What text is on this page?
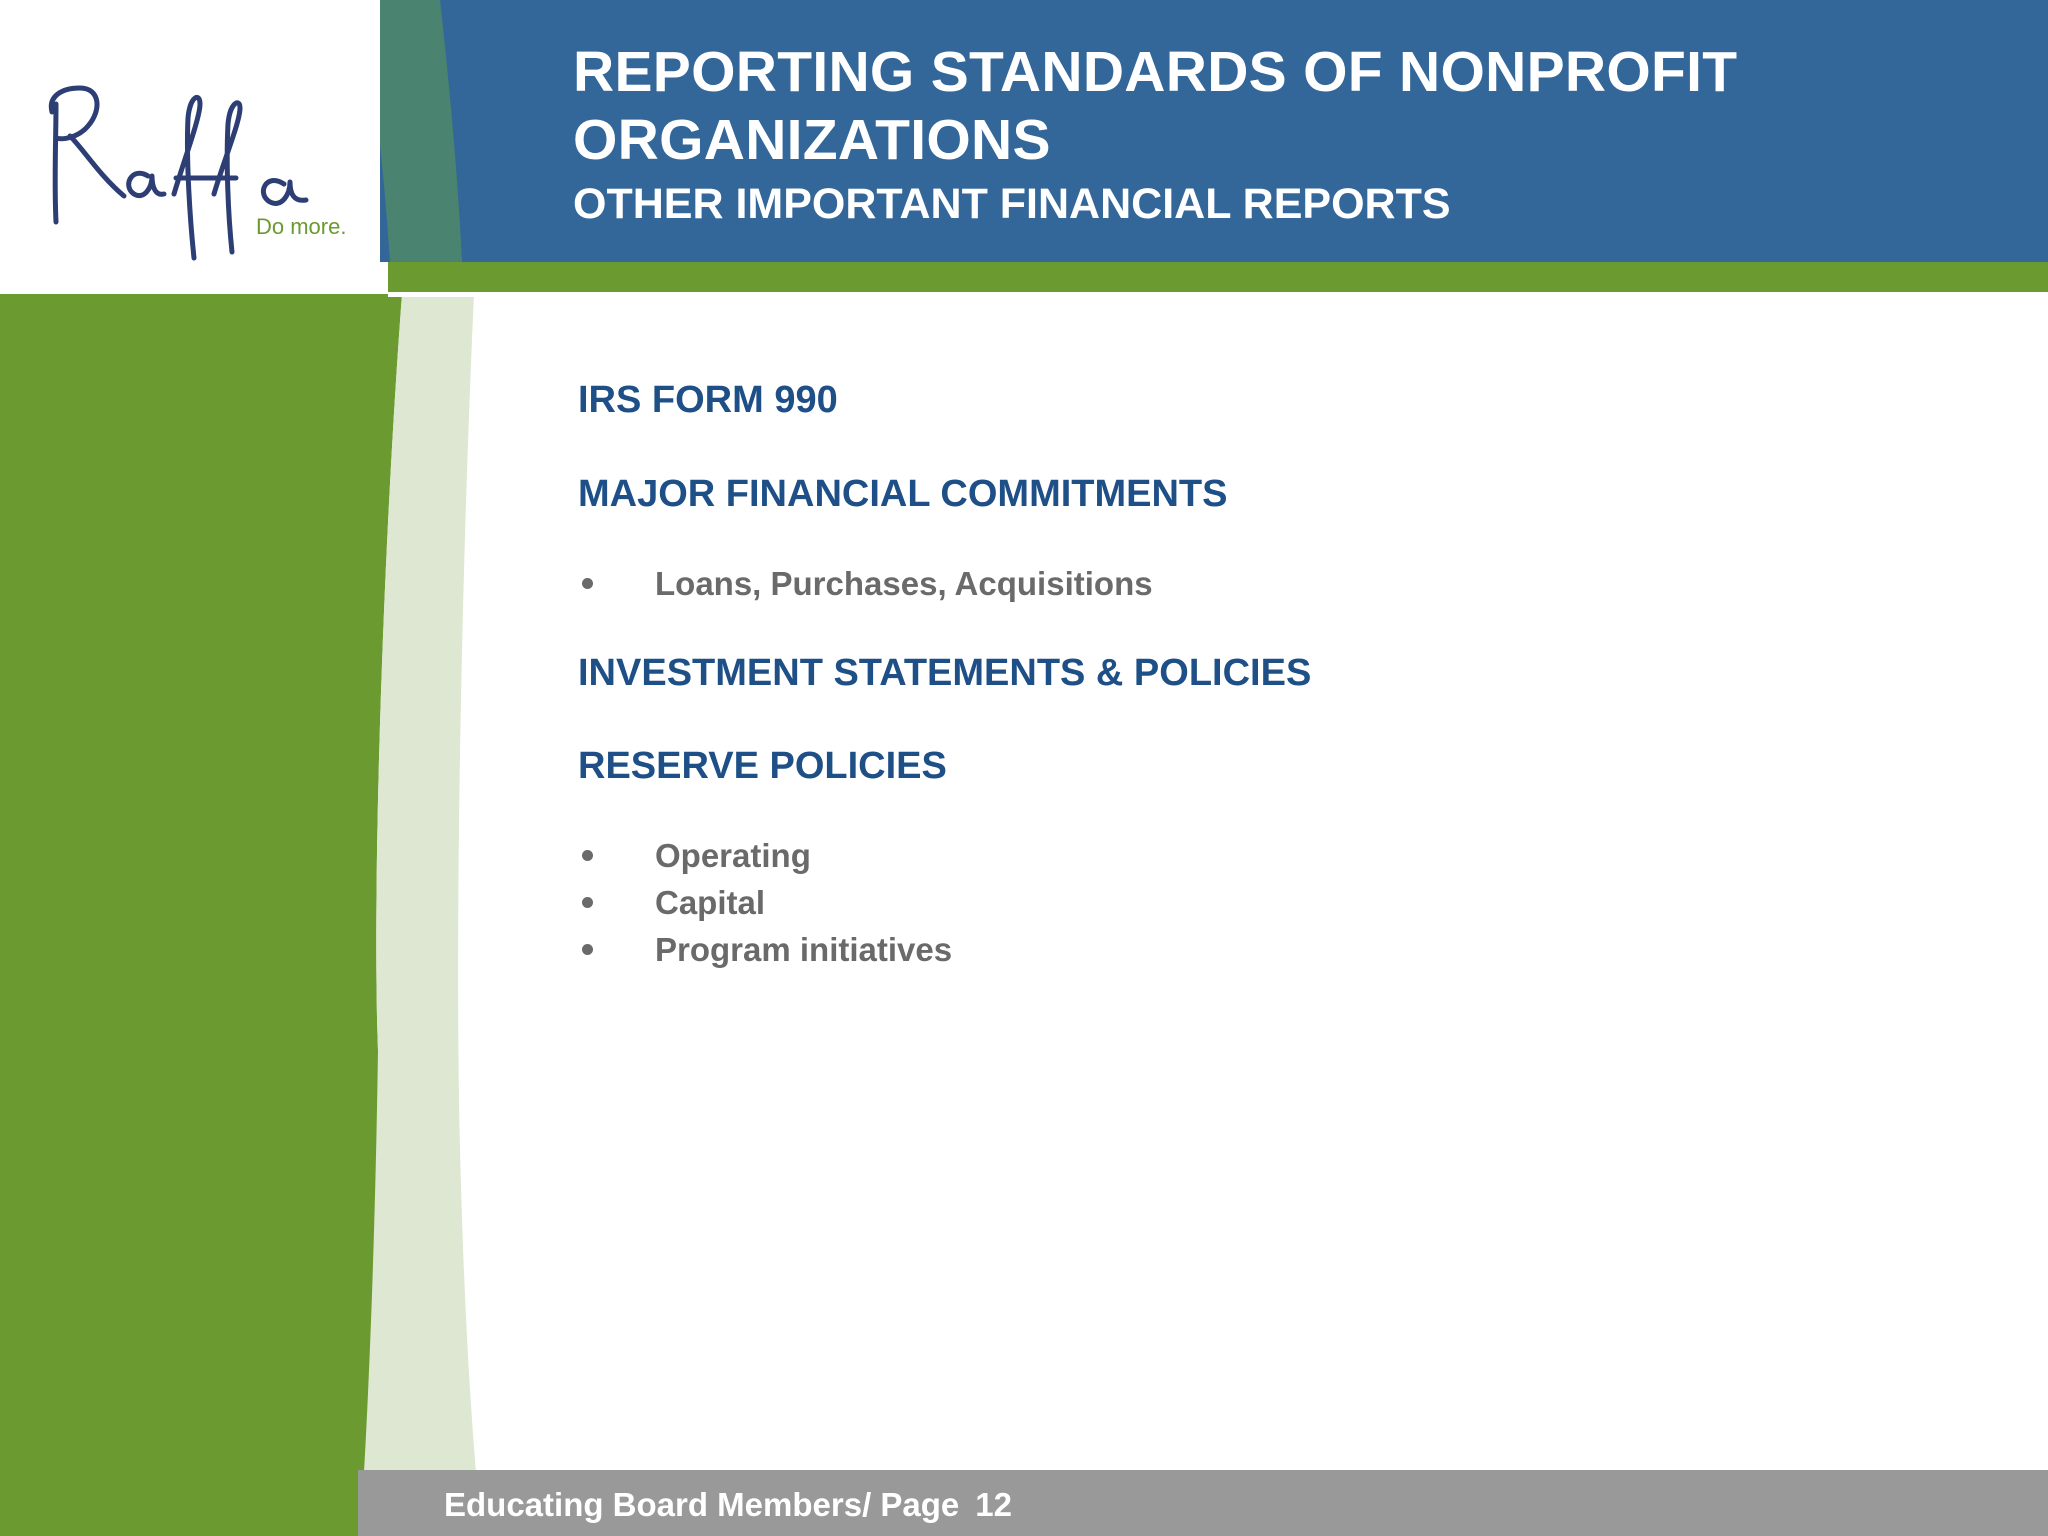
Do more.
REPORTING STANDARDS OF NONPROFIT ORGANIZATIONS
OTHER IMPORTANT FINANCIAL REPORTS
IRS FORM 990
MAJOR FINANCIAL COMMITMENTS
Loans, Purchases, Acquisitions
INVESTMENT STATEMENTS & POLICIES
RESERVE POLICIES
Operating
Capital
Program initiatives
Educating Board Members/ Page 12
